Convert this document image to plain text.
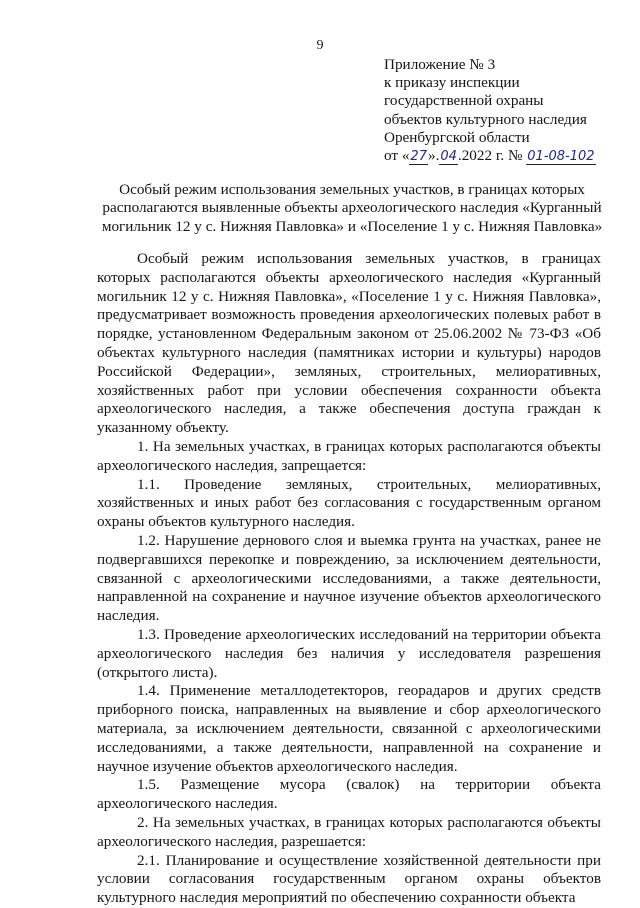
9
Приложение № 3
к приказу инспекции
государственной охраны
объектов культурного наследия
Оренбургской области
от «27».04.2022 г. № 01-08-102
Особый режим использования земельных участков, в границах которых
располагаются выявленные объекты археологического наследия «Курганный
могильник 12 у с. Нижняя Павловка» и «Поселение 1 у с. Нижняя Павловка»

Особый режим использования земельных участков, в границах которых располагаются объекты археологического наследия «Курганный могильник 12 у с. Нижняя Павловка», «Поселение 1 у с. Нижняя Павловка», предусматривает возможность проведения археологических полевых работ в порядке, установленном Федеральным законом от 25.06.2002 № 73-ФЗ «Об объектах культурного наследия (памятниках истории и культуры) народов Российской Федерации», земляных, строительных, мелиоративных, хозяйственных работ при условии обеспечения сохранности объекта археологического наследия, а также обеспечения доступа граждан к указанному объекту.

1. На земельных участках, в границах которых располагаются объекты археологического наследия, запрещается:

1.1. Проведение земляных, строительных, мелиоративных, хозяйственных и иных работ без согласования с государственным органом охраны объектов культурного наследия.

1.2. Нарушение дернового слоя и выемка грунта на участках, ранее не подвергавшихся перекопке и повреждению, за исключением деятельности, связанной с археологическими исследованиями, а также деятельности, направленной на сохранение и научное изучение объектов археологического наследия.

1.3. Проведение археологических исследований на территории объекта археологического наследия без наличия у исследователя разрешения (открытого листа).

1.4. Применение металлодетекторов, георадаров и других средств приборного поиска, направленных на выявление и сбор археологического материала, за исключением деятельности, связанной с археологическими исследованиями, а также деятельности, направленной на сохранение и научное изучение объектов археологического наследия.

1.5. Размещение мусора (свалок) на территории объекта археологического наследия.

2. На земельных участках, в границах которых располагаются объекты археологического наследия, разрешается:

2.1. Планирование и осуществление хозяйственной деятельности при условии согласования государственным органом охраны объектов культурного наследия мероприятий по обеспечению сохранности объекта
